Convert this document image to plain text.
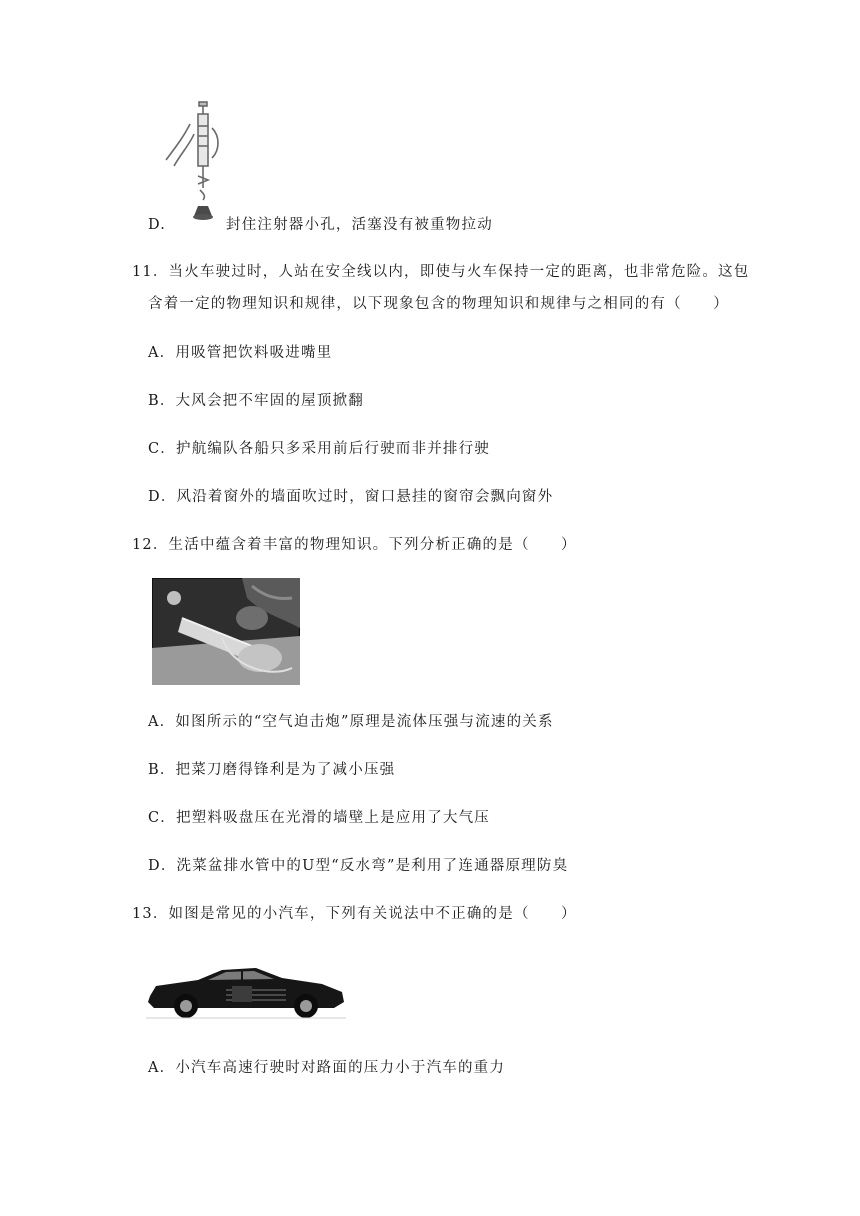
D.	封住注射器小孔，活塞没有被重物拉动
11．当火车驶过时，人站在安全线以内，即使与火车保持一定的距离，也非常危险。这包
含着一定的物理知识和规律，以下现象包含的物理知识和规律与之相同的有（　　）
A．用吸管把饮料吸进嘴里
B．大风会把不牢固的屋顶掀翻
C．护航编队各船只多采用前后行驶而非并排行驶
D．风沿着窗外的墙面吹过时，窗口悬挂的窗帘会飘向窗外
12．生活中蕴含着丰富的物理知识。下列分析正确的是（　　）
A．如图所示的“空气迫击炮”原理是流体压强与流速的关系
B．把菜刀磨得锋利是为了减小压强
C．把塑料吸盘压在光滑的墙壁上是应用了大气压
D．洗菜盆排水管中的U型“反水弯”是利用了连通器原理防臭
13．如图是常见的小汽车，下列有关说法中不正确的是（　　）
A．小汽车高速行驶时对路面的压力小于汽车的重力
